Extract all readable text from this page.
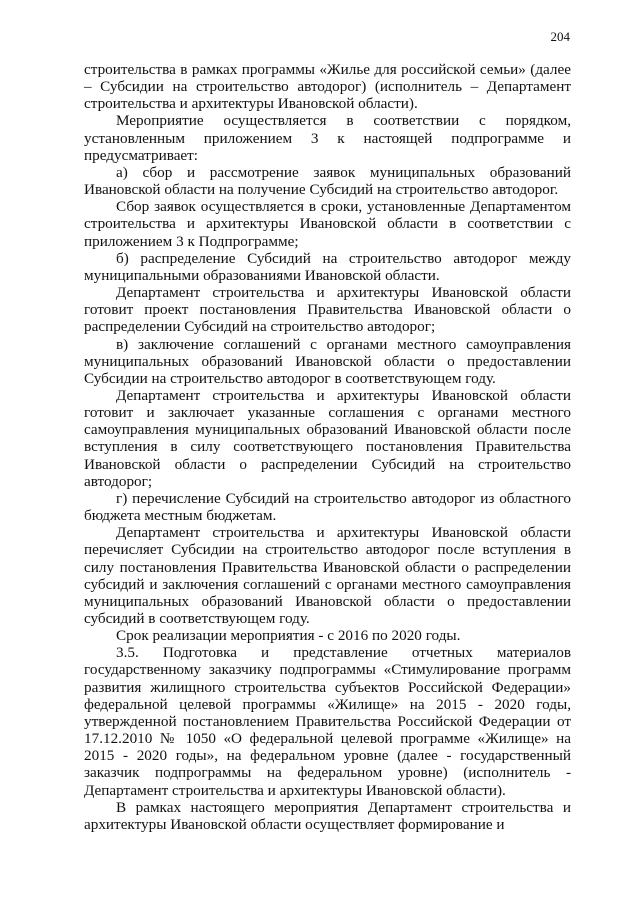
204

строительства в рамках программы «Жилье для российской семьи» (далее – Субсидии на строительство автодорог) (исполнитель – Департамент строительства и архитектуры Ивановской области).

Мероприятие осуществляется в соответствии с порядком, установленным приложением 3 к настоящей подпрограмме и предусматривает:

а) сбор и рассмотрение заявок муниципальных образований Ивановской области на получение Субсидий на строительство автодорог.

Сбор заявок осуществляется в сроки, установленные Департаментом строительства и архитектуры Ивановской области в соответствии с приложением 3 к Подпрограмме;

б) распределение Субсидий на строительство автодорог между муниципальными образованиями Ивановской области.

Департамент строительства и архитектуры Ивановской области готовит проект постановления Правительства Ивановской области о распределении Субсидий на строительство автодорог;

в) заключение соглашений с органами местного самоуправления муниципальных образований Ивановской области о предоставлении Субсидии на строительство автодорог в соответствующем году.

Департамент строительства и архитектуры Ивановской области готовит и заключает указанные соглашения с органами местного самоуправления муниципальных образований Ивановской области после вступления в силу соответствующего постановления Правительства Ивановской области о распределении Субсидий на строительство автодорог;

г) перечисление Субсидий на строительство автодорог из областного бюджета местным бюджетам.

Департамент строительства и архитектуры Ивановской области перечисляет Субсидии на строительство автодорог после вступления в силу постановления Правительства Ивановской области о распределении субсидий и заключения соглашений с органами местного самоуправления муниципальных образований Ивановской области о предоставлении субсидий в соответствующем году.

Срок реализации мероприятия - с 2016 по 2020 годы.

3.5. Подготовка и представление отчетных материалов государственному заказчику подпрограммы «Стимулирование программ развития жилищного строительства субъектов Российской Федерации» федеральной целевой программы «Жилище» на 2015 - 2020 годы, утвержденной постановлением Правительства Российской Федерации от 17.12.2010 № 1050 «О федеральной целевой программе «Жилище» на 2015 - 2020 годы», на федеральном уровне (далее - государственный заказчик подпрограммы на федеральном уровне) (исполнитель - Департамент строительства и архитектуры Ивановской области).

В рамках настоящего мероприятия Департамент строительства и архитектуры Ивановской области осуществляет формирование и
